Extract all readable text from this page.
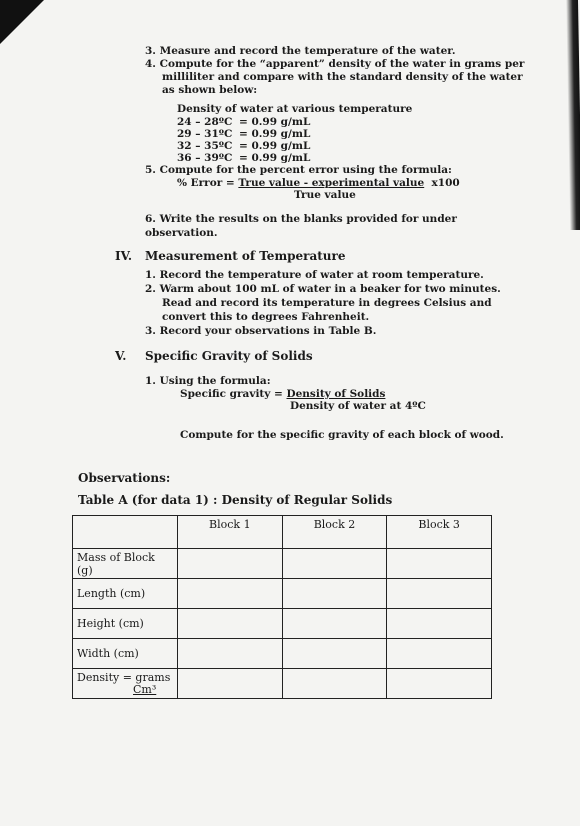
3. Measure and record the temperature of the water.
4. Compute for the “apparent” density of the water in grams per
milliliter and compare with the standard density of the water
as shown below:
Density of water at various temperature
24 – 28ºC = 0.99 g/mL
29 – 31ºC = 0.99 g/mL
32 – 35ºC = 0.99 g/mL
36 – 39ºC = 0.99 g/mL
5. Compute for the percent error using the formula:
% Error = True value - experimental value x100
True value
6. Write the results on the blanks provided for under
observation.
IV. Measurement of Temperature
1. Record the temperature of water at room temperature.
2. Warm about 100 mL of water in a beaker for two minutes.
Read and record its temperature in degrees Celsius and
convert this to degrees Fahrenheit.
3. Record your observations in Table B.
V. Specific Gravity of Solids
1. Using the formula:
Specific gravity = Density of Solids
Density of water at 4ºC
Compute for the specific gravity of each block of wood.
Observations:
Table A (for data 1) : Density of Regular Solids
	Block 1	Block 2	Block 3
Mass of Block (g)			
Length (cm)			
Height (cm)			
Width (cm)			

Density = grams
Cm³			
